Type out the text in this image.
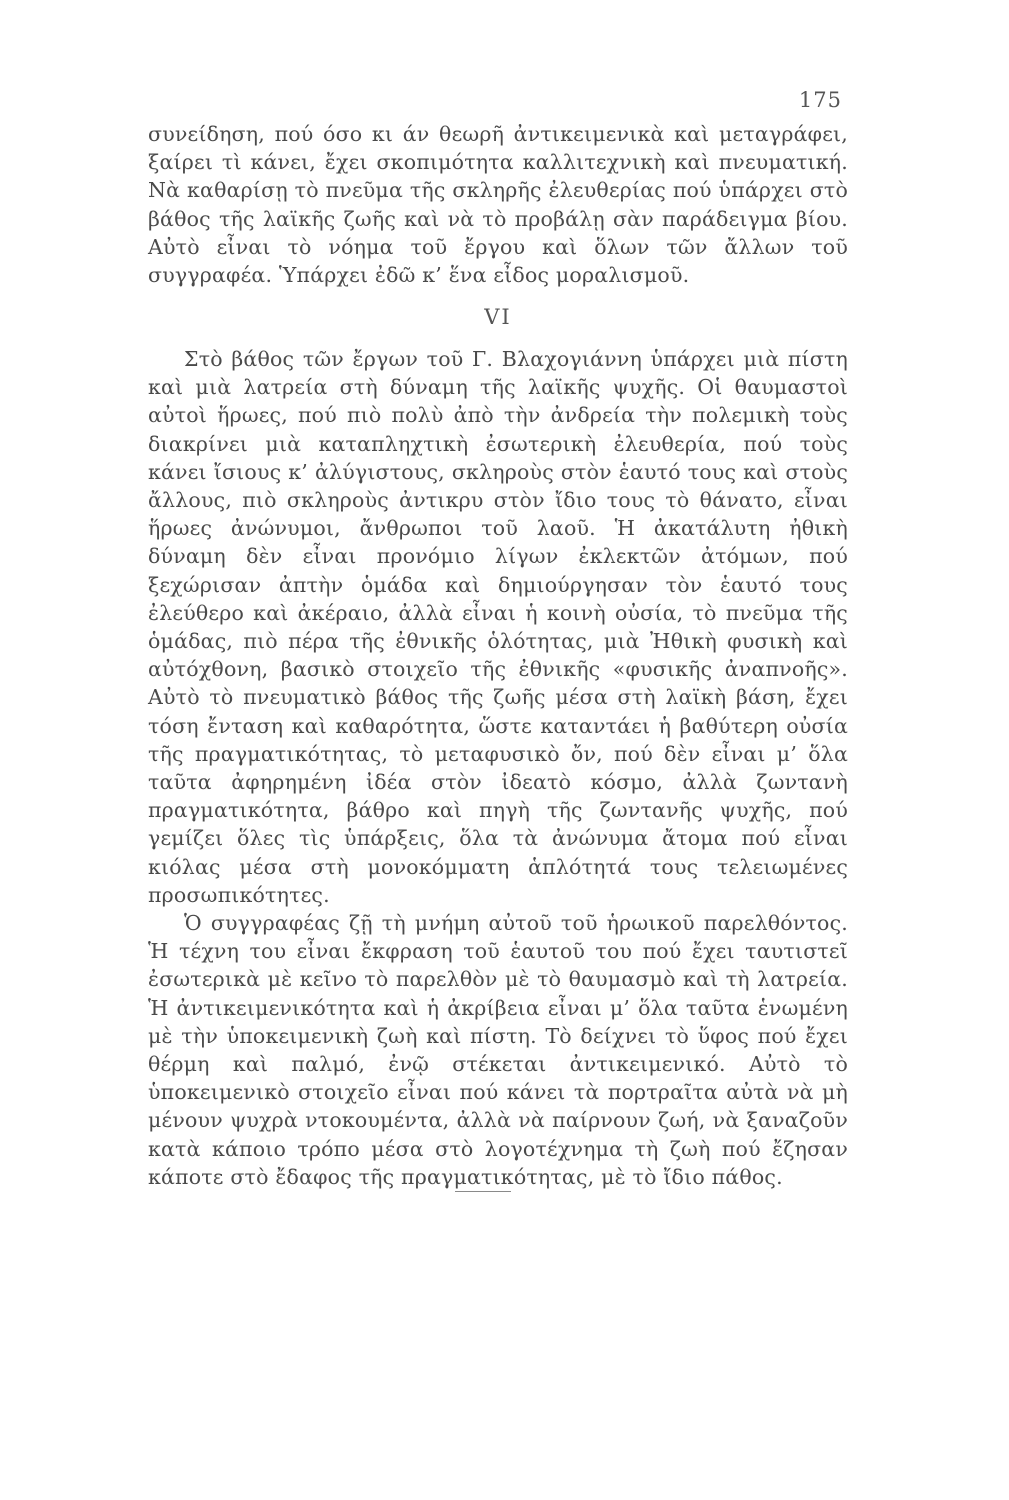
175

συνείδηση, πού όσο κι άν θεωρῆ ἀντικειμενικὰ καὶ μεταγράφει, ξαίρει τὶ κάνει, ἔχει σκοπιμότητα καλλιτεχνικὴ καὶ πνευματική. Νὰ καθαρίσῃ τὸ πνεῦμα τῆς σκληρῆς ἐλευθερίας πού ὑπάρχει στὸ βάθος τῆς λαϊκῆς ζωῆς καὶ νὰ τὸ προβάλῃ σὰν παράδειγμα βίου. Αὐτὸ εἶναι τὸ νόημα τοῦ ἔργου καὶ ὅλων τῶν ἄλλων τοῦ συγγραφέα. Ὑπάρχει ἐδῶ κ’ ἕνα εἶδος μοραλισμοῦ.

VI

Στὸ βάθος τῶν ἔργων τοῦ Γ. Βλαχογιάννη ὑπάρχει μιὰ πίστη καὶ μιὰ λατρεία στὴ δύναμη τῆς λαϊκῆς ψυχῆς. Οἱ θαυμαστοὶ αὐτοὶ ἥρωες, πού πιὸ πολὺ ἀπὸ τὴν ἀνδρεία τὴν πολεμικὴ τοὺς διακρίνει μιὰ καταπληχτικὴ ἐσωτερικὴ ἐλευθερία, πού τοὺς κάνει ἴσιους κ’ ἀλύγιστους, σκληροὺς στὸν ἑαυτό τους καὶ στοὺς ἄλλους, πιὸ σκληροὺς ἀντικρυ στὸν ἴδιο τους τὸ θάνατο, εἶναι ἥρωες ἀνώνυμοι, ἄνθρωποι τοῦ λαοῦ. Ἡ ἀκατάλυτη ἠθικὴ δύναμη δὲν εἶναι προνόμιο λίγων ἐκλεκτῶν ἀτόμων, πού ξεχώρισαν ἀπτὴν ὁμάδα καὶ δημιούργησαν τὸν ἑαυτό τους ἐλεύθερο καὶ ἀκέραιο, ἀλλὰ εἶναι ἡ κοινὴ οὐσία, τὸ πνεῦμα τῆς ὁμάδας, πιὸ πέρα τῆς ἐθνικῆς ὁλότητας, μιὰ Ἠθικὴ φυσικὴ καὶ αὐτόχθονη, βασικὸ στοιχεῖο τῆς ἐθνικῆς «φυσικῆς ἀναπνοῆς». Αὐτὸ τὸ πνευματικὸ βάθος τῆς ζωῆς μέσα στὴ λαϊκὴ βάση, ἔχει τόση ἔνταση καὶ καθαρότητα, ὥστε καταντάει ἡ βαθύτερη οὐσία τῆς πραγματικότητας, τὸ μεταφυσικὸ ὄν, πού δὲν εἶναι μ’ ὅλα ταῦτα ἀφηρημένη ἰδέα στὸν ἰδεατὸ κόσμο, ἀλλὰ ζωντανὴ πραγματικότητα, βάθρο καὶ πηγὴ τῆς ζωντανῆς ψυχῆς, πού γεμίζει ὅλες τὶς ὑπάρξεις, ὅλα τὰ ἀνώνυμα ἄτομα πού εἶναι κιόλας μέσα στὴ μονοκόμματη ἁπλότητά τους τελειωμένες προσωπικότητες.

Ὁ συγγραφέας ζῇ τὴ μνήμη αὐτοῦ τοῦ ἡρωικοῦ παρελθόντος. Ἡ τέχνη του εἶναι ἔκφραση τοῦ ἑαυτοῦ του πού ἔχει ταυτιστεῖ ἐσωτερικὰ μὲ κεῖνο τὸ παρελθὸν μὲ τὸ θαυμασμὸ καὶ τὴ λατρεία. Ἡ ἀντικειμενικότητα καὶ ἡ ἀκρίβεια εἶναι μ’ ὅλα ταῦτα ἑνωμένη μὲ τὴν ὑποκειμενικὴ ζωὴ καὶ πίστη. Τὸ δείχνει τὸ ὕφος πού ἔχει θέρμη καὶ παλμό, ἐνῷ στέκεται ἀντικειμενικό. Αὐτὸ τὸ ὑποκειμενικὸ στοιχεῖο εἶναι πού κάνει τὰ πορτραῖτα αὐτὰ νὰ μὴ μένουν ψυχρὰ ντοκουμέντα, ἀλλὰ νὰ παίρνουν ζωή, νὰ ξαναζοῦν κατὰ κάποιο τρόπο μέσα στὸ λογοτέχνημα τὴ ζωὴ πού ἔζησαν κάποτε στὸ ἔδαφος τῆς πραγματικότητας, μὲ τὸ ἴδιο πάθος.
